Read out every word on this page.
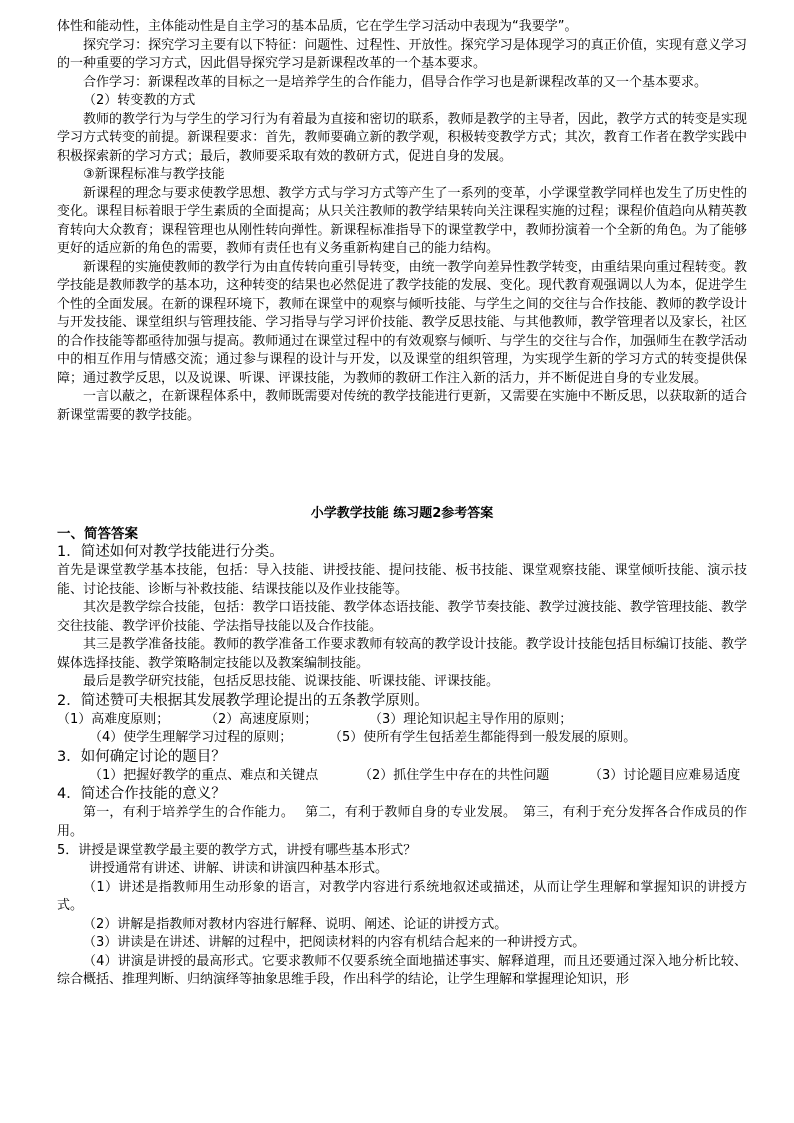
体性和能动性，主体能动性是自主学习的基本品质，它在学生学习活动中表现为“我要学”。

探究学习：探究学习主要有以下特征：问题性、过程性、开放性。探究学习是体现学习的真正价值，实现有意义学习的一种重要的学习方式，因此倡导探究学习是新课程改革的一个基本要求。

合作学习：新课程改革的目标之一是培养学生的合作能力，倡导合作学习也是新课程改革的又一个基本要求。

（2）转变教的方式

教师的教学行为与学生的学习行为有着最为直接和密切的联系，教师是教学的主导者，因此，教学方式的转变是实现学习方式转变的前提。新课程要求：首先，教师要确立新的教学观，积极转变教学方式；其次，教育工作者在教学实践中积极探索新的学习方式；最后，教师要采取有效的教研方式，促进自身的发展。

③新课程标准与教学技能

新课程的理念与要求使教学思想、教学方式与学习方式等产生了一系列的变革，小学课堂教学同样也发生了历史性的变化。课程目标着眼于学生素质的全面提高；从只关注教师的教学结果转向关注课程实施的过程；课程价值趋向从精英教育转向大众教育；课程管理也从刚性转向弹性。新课程标准指导下的课堂教学中，教师扮演着一个全新的角色。为了能够更好的适应新的角色的需要，教师有责任也有义务重新构建自己的能力结构。

新课程的实施使教师的教学行为由直传转向重引导转变，由统一教学向差异性教学转变，由重结果向重过程转变。教学技能是教师教学的基本功，这种转变的结果也必然促进了教学技能的发展、变化。现代教育观强调以人为本，促进学生个性的全面发展。在新的课程环境下，教师在课堂中的观察与倾听技能、与学生之间的交往与合作技能、教师的教学设计与开发技能、课堂组织与管理技能、学习指导与学习评价技能、教学反思技能、与其他教师，教学管理者以及家长，社区的合作技能等都亟待加强与提高。教师通过在课堂过程中的有效观察与倾听、与学生的交往与合作，加强师生在教学活动中的相互作用与情感交流；通过参与课程的设计与开发，以及课堂的组织管理，为实现学生新的学习方式的转变提供保障；通过教学反思，以及说课、听课、评课技能，为教师的教研工作注入新的活力，并不断促进自身的专业发展。

一言以蔽之，在新课程体系中，教师既需要对传统的教学技能进行更新，又需要在实施中不断反思，以获取新的适合新课堂需要的教学技能。

小学教学技能 练习题2参考答案

一、简答答案

1．简述如何对教学技能进行分类。

首先是课堂教学基本技能，包括：导入技能、讲授技能、提问技能、板书技能、课堂观察技能、课堂倾听技能、演示技能、讨论技能、诊断与补救技能、结课技能以及作业技能等。

其次是教学综合技能，包括：教学口语技能、教学体态语技能、教学节奏技能、教学过渡技能、教学管理技能、教学交往技能、教学评价技能、学法指导技能以及合作技能。

其三是教学准备技能。教师的教学准备工作要求教师有较高的教学设计技能。教学设计技能包括目标编订技能、教学媒体选择技能、教学策略制定技能以及教案编制技能。

最后是教学研究技能，包括反思技能、说课技能、听课技能、评课技能。

2．简述赞可夫根据其发展教学理论提出的五条教学原则。

（1）高难度原则；	（2）高速度原则；	（3）理论知识起主导作用的原则；
（4）使学生理解学习过程的原则；	（5）使所有学生包括差生都能得到一般发展的原则。

3．如何确定讨论的题目？

（1）把握好教学的重点、难点和关键点	（2）抓住学生中存在的共性问题	（3）讨论题目应难易适度

4．简述合作技能的意义？

第一，有利于培养学生的合作能力。　 第二，有利于教师自身的专业发展。　第三，有利于充分发挥各合作成员的作用。

5．讲授是课堂教学最主要的教学方式，讲授有哪些基本形式？

讲授通常有讲述、讲解、讲读和讲演四种基本形式。

（1）讲述是指教师用生动形象的语言，对教学内容进行系统地叙述或描述，从而让学生理解和掌握知识的讲授方式。

（2）讲解是指教师对教材内容进行解释、说明、阐述、论证的讲授方式。

（3）讲读是在讲述、讲解的过程中，把阅读材料的内容有机结合起来的一种讲授方式。

（4）讲演是讲授的最高形式。它要求教师不仅要系统全面地描述事实、解释道理，而且还要通过深入地分析比较、综合概括、推理判断、归纳演绎等抽象思维手段，作出科学的结论，让学生理解和掌握理论知识，形
